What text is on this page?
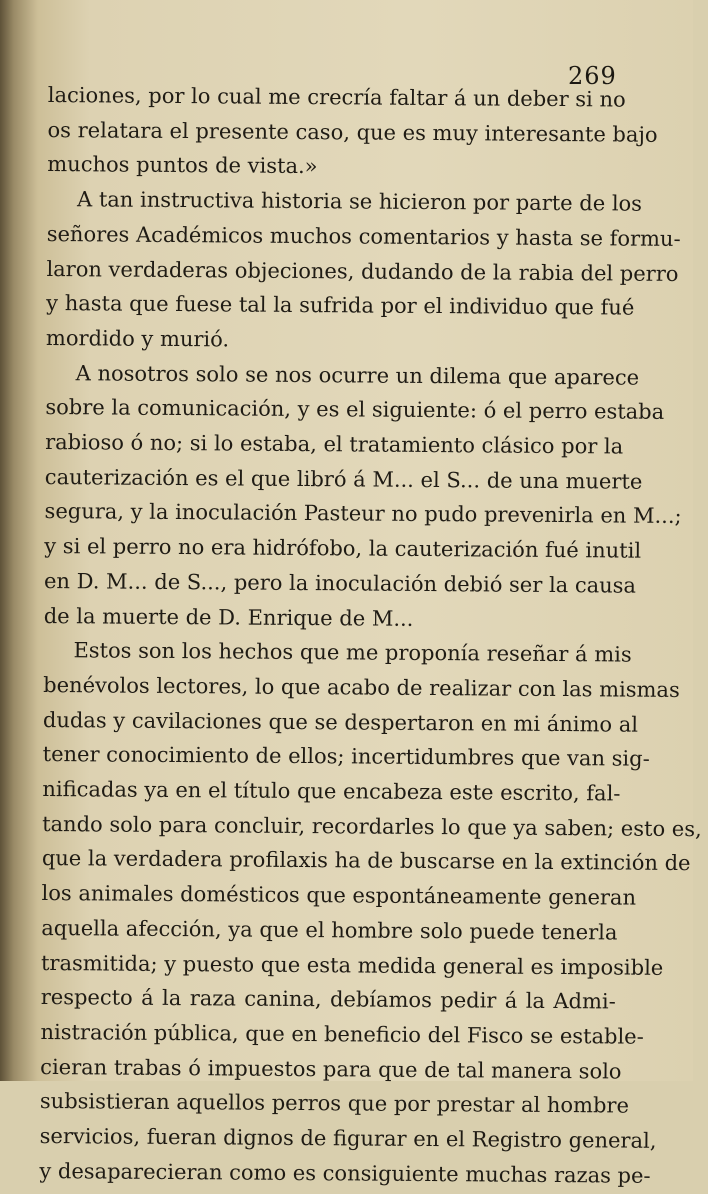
269

laciones, por lo cual me crecría faltar á un deber si no
os relatara el presente caso, que es muy interesante bajo
muchos puntos de vista.»

A tan instructiva historia se hicieron por parte de los
señores Académicos muchos comentarios y hasta se formu-
laron verdaderas objeciones, dudando de la rabia del perro
y hasta que fuese tal la sufrida por el individuo que fué
mordido y murió.

A nosotros solo se nos ocurre un dilema que aparece
sobre la comunicación, y es el siguiente: ó el perro estaba
rabioso ó no; si lo estaba, el tratamiento clásico por la
cauterización es el que libró á M... el S... de una muerte
segura, y la inoculación Pasteur no pudo prevenirla en M...;
y si el perro no era hidrófobo, la cauterización fué inutil
en D. M... de S..., pero la inoculación debió ser la causa
de la muerte de D. Enrique de M...

Estos son los hechos que me proponía reseñar á mis
benévolos lectores, lo que acabo de realizar con las mismas
dudas y cavilaciones que se despertaron en mi ánimo al
tener conocimiento de ellos; incertidumbres que van sig-
nificadas ya en el título que encabeza este escrito, fal-
tando solo para concluir, recordarles lo que ya saben; esto es,
que la verdadera profilaxis ha de buscarse en la extinción de
los animales domésticos que espontáneamente generan
aquella afección, ya que el hombre solo puede tenerla
trasmitida; y puesto que esta medida general es imposible
respecto á la raza canina, debíamos pedir á la Admi-
nistración pública, que en beneficio del Fisco se estable-
cieran trabas ó impuestos para que de tal manera solo
subsistieran aquellos perros que por prestar al hombre
servicios, fueran dignos de figurar en el Registro general,
y desaparecieran como es consiguiente muchas razas pe-
